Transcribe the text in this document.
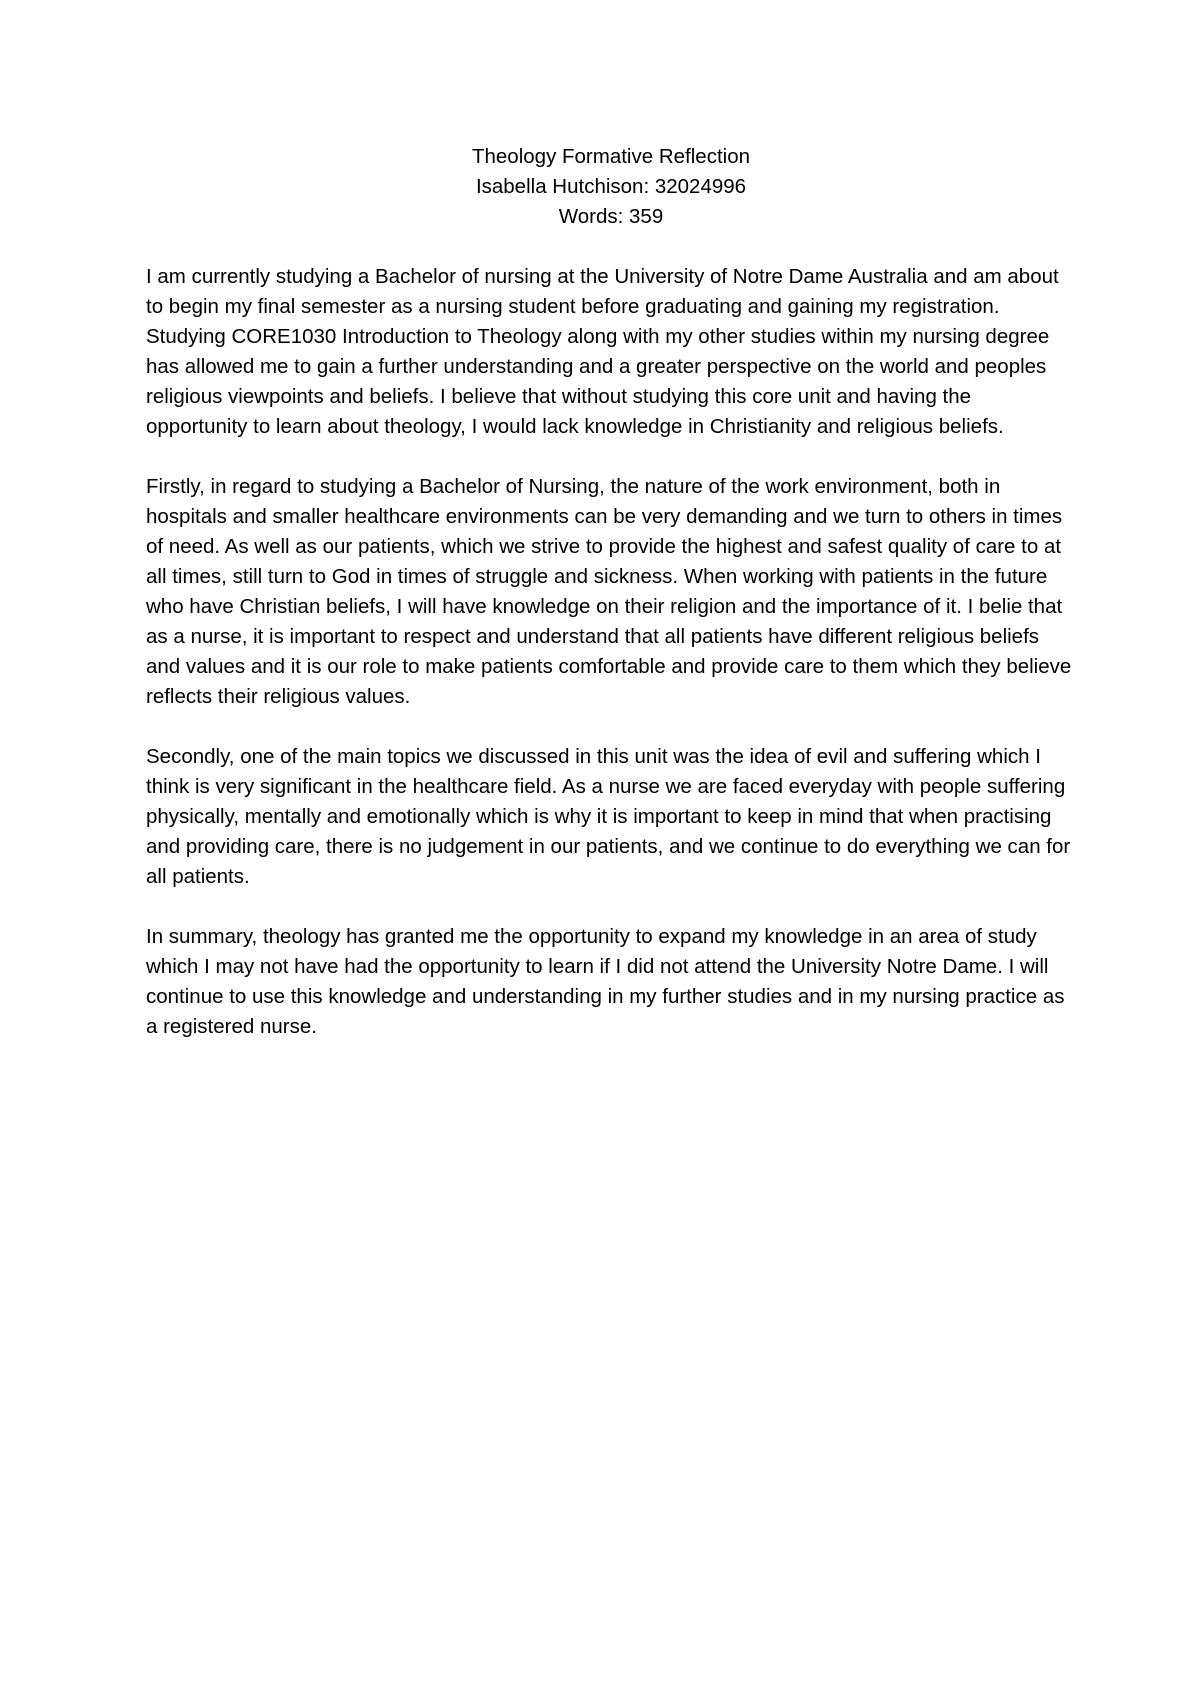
Theology Formative Reflection
Isabella Hutchison: 32024996
Words: 359

I am currently studying a Bachelor of nursing at the University of Notre Dame Australia and am about to begin my final semester as a nursing student before graduating and gaining my registration. Studying CORE1030 Introduction to Theology along with my other studies within my nursing degree has allowed me to gain a further understanding and a greater perspective on the world and peoples religious viewpoints and beliefs. I believe that without studying this core unit and having the opportunity to learn about theology, I would lack knowledge in Christianity and religious beliefs.

Firstly, in regard to studying a Bachelor of Nursing, the nature of the work environment, both in hospitals and smaller healthcare environments can be very demanding and we turn to others in times of need. As well as our patients, which we strive to provide the highest and safest quality of care to at all times, still turn to God in times of struggle and sickness. When working with patients in the future who have Christian beliefs, I will have knowledge on their religion and the importance of it. I belie that as a nurse, it is important to respect and understand that all patients have different religious beliefs and values and it is our role to make patients comfortable and provide care to them which they believe reflects their religious values.

Secondly, one of the main topics we discussed in this unit was the idea of evil and suffering which I think is very significant in the healthcare field. As a nurse we are faced everyday with people suffering physically, mentally and emotionally which is why it is important to keep in mind that when practising and providing care, there is no judgement in our patients, and we continue to do everything we can for all patients.

In summary, theology has granted me the opportunity to expand my knowledge in an area of study which I may not have had the opportunity to learn if I did not attend the University Notre Dame. I will continue to use this knowledge and understanding in my further studies and in my nursing practice as a registered nurse.
